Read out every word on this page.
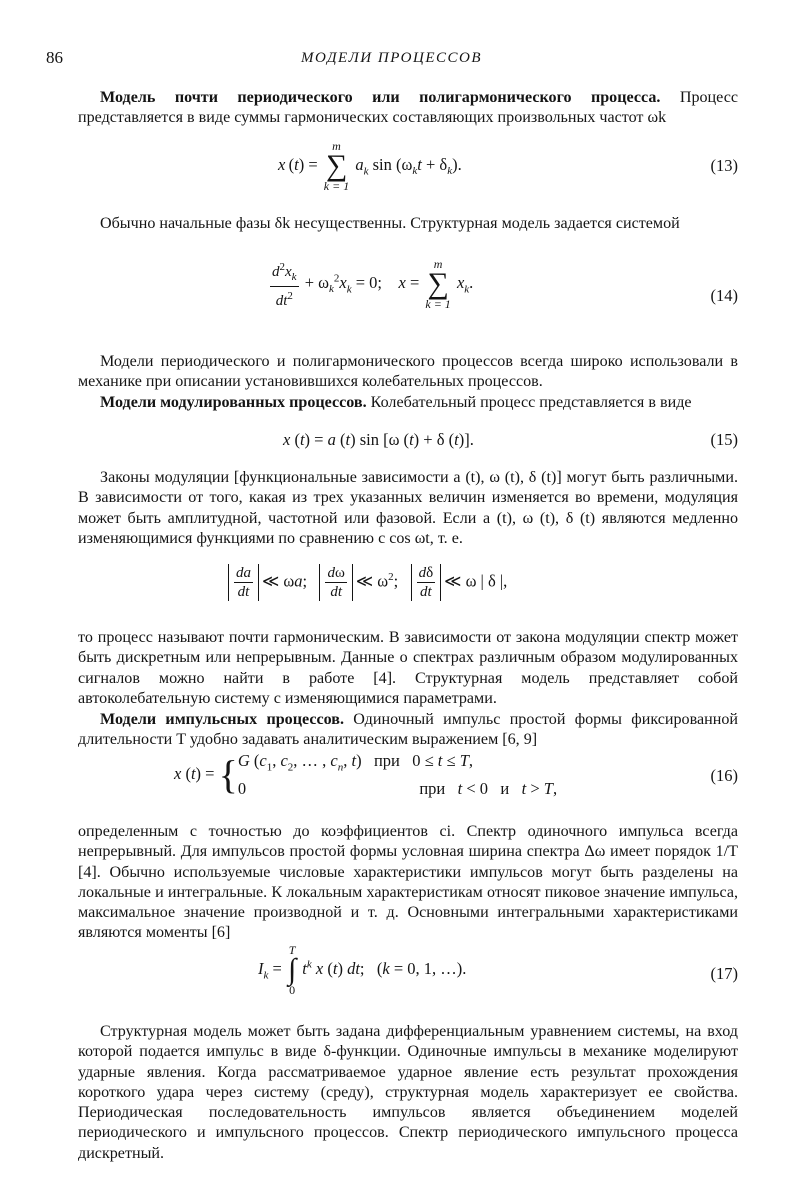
86	МОДЕЛИ ПРОЦЕССОВ

Модель почти периодического или полигармонического процесса. Процесс представляется в виде суммы гармонических составляющих произвольных частот ωk

x (t) =
m
∑
k = 1
$a_k$ $\sin (\omega_kt + \delta_k)$.	(13)

Обычно начальные фазы δk несущественны. Структурная модель задается системой

$\frac{d^2x_k}{dt^2} + \omega_k^2x_k = 0$;    x =
m
∑
k = 1
$x_k$.
(14)

Модели периодического и полигармонического процессов всегда широко использовали в механике при описании установившихся колебательных процессов.

Модели модулированных процессов. Колебательный процесс представляется в виде

x (t) = a (t) sin [ω (t) + δ (t)].	(15)

Законы модуляции [функциональные зависимости a (t), ω (t), δ (t)] могут быть различными. В зависимости от того, какая из трех указанных величин изменяется во времени, модуляция может быть амплитудной, частотной или фазовой. Если a (t), ω (t), δ (t) являются медленно изменяющимися функциями по сравнению с cos ωt, т. е.

$\frac{da}{dt}$ ≪ ωa; $\frac{d\omega}{dt}$ ≪ $\omega^2$; $\frac{d\delta}{dt}$ ≪ ω | δ |,

то процесс называют почти гармоническим. В зависимости от закона модуляции спектр может быть дискретным или непрерывным. Данные о спектрах различным образом модулированных сигналов можно найти в работе [4]. Структурная модель представляет собой автоколебательную систему с изменяющимися параметрами.

Модели импульсных процессов. Одиночный импульс простой формы фиксированной длительности T удобно задавать аналитическим выражением [6, 9]

x (t) = {G ($c_1$, $c_2$, … , $c_n$, t)   при   0 ≤ t ≤ T,
0                                          при t < 0   и t > T,
(16)

определенным с точностью до коэффициентов ci. Спектр одиночного импульса всегда непрерывный. Для импульсов простой формы условная ширина спектра Δω имеет порядок 1/T [4]. Обычно используемые числовые характеристики импульсов могут быть разделены на локальные и интегральные. К локальным характеристикам относят пиковое значение импульса, максимальное значение производной и т. д. Основными интегральными характеристиками являются моменты [6]

$I_k$ =
T
∫
0
$t^k$ x (t) dt;   (k = 0, 1, …).	(17)

Структурная модель может быть задана дифференциальным уравнением системы, на вход которой подается импульс в виде δ-функции. Одиночные импульсы в механике моделируют ударные явления. Когда рассматриваемое ударное явление есть результат прохождения короткого удара через систему (среду), структурная модель характеризует ее свойства. Периодическая последовательность импульсов является объединением моделей периодического и импульсного процессов. Спектр периодического импульсного процесса дискретный.
